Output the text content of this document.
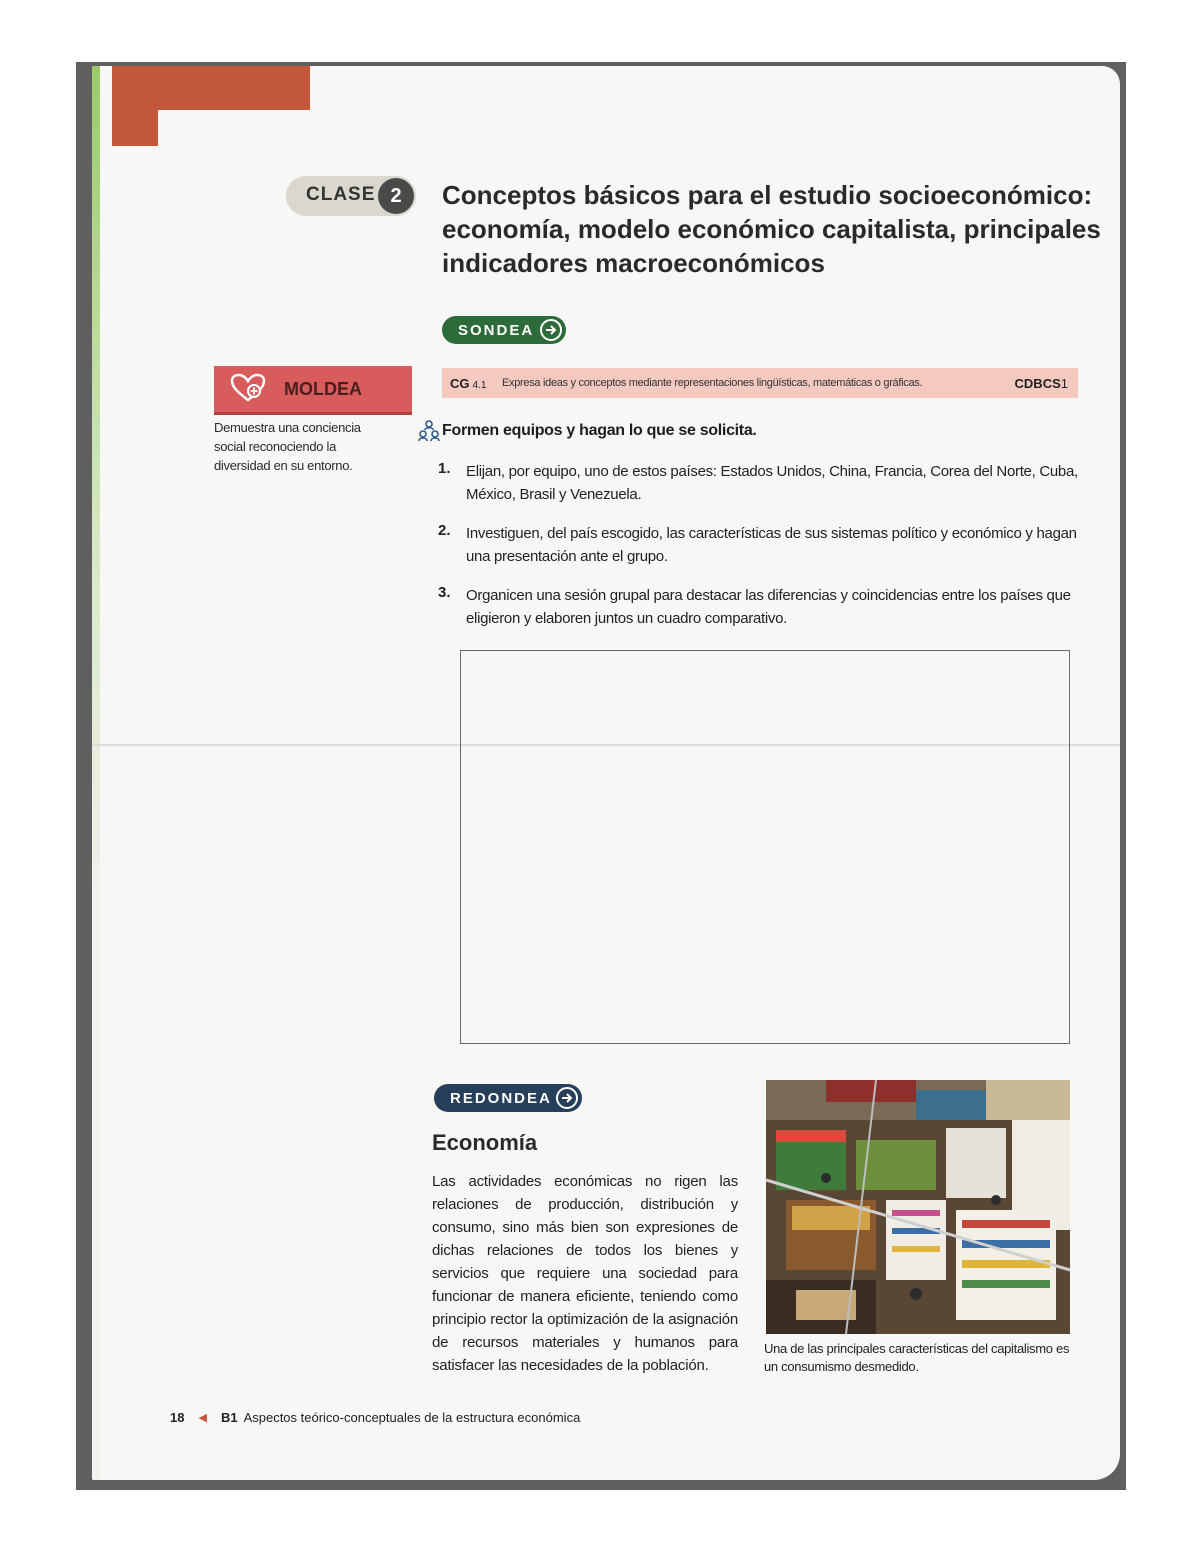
CLASE 2	Conceptos básicos para el estudio socioeconómico: economía, modelo económico capitalista, principales indicadores macroeconómicos
SONDEA
MOLDEA
Demuestra una conciencia social reconociendo la diversidad en su entorno.
CG 4.1 Expresa ideas y conceptos mediante representaciones lingüísticas, matemáticas o gráficas.	CDBCS1
Formen equipos y hagan lo que se solicita.
1.	Elijan, por equipo, uno de estos países: Estados Unidos, China, Francia, Corea del Norte, Cuba, México, Brasil y Venezuela.
2.	Investiguen, del país escogido, las características de sus sistemas político y económico y hagan una presentación ante el grupo.
3.	Organicen una sesión grupal para destacar las diferencias y coincidencias entre los países que eligieron y elaboren juntos un cuadro comparativo.
REDONDEA
Economía

Las actividades económicas no rigen las relaciones de producción, distribución y consumo, sino más bien son expresiones de dichas relaciones de todos los bienes y servicios que requiere una sociedad para funcionar de manera eficiente, teniendo como principio rector la optimización de la asignación de recursos materiales y humanos para satisfacer las necesidades de la población.

Una de las principales características del capitalismo es un consumismo desmedido.
18 ◀ B1 Aspectos teórico-conceptuales de la estructura económica
